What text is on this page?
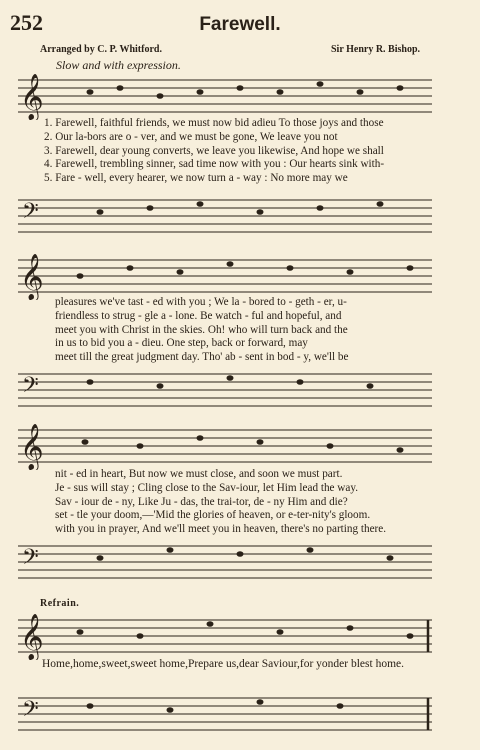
252	Farewell.
Arranged by C. P. Whitford.	Sir Henry R. Bishop.
Slow and with expression.
𝄞
𝄢
𝄞
𝄢
𝄞
𝄢
𝄞
𝄢
1. Farewell, faithful friends, we must now bid adieu To those joys and those
2. Our la-bors are o - ver, and we must be gone, We leave you not
3. Farewell, dear young converts, we leave you likewise, And hope we shall
4. Farewell, trembling sinner, sad time now with you : Our hearts sink with-
5. Fare - well, every hearer, we now turn a - way : No more may we
pleasures we've tast - ed with you ; We la - bored to - geth - er, u-
friendless to strug - gle a - lone. Be watch - ful and hopeful, and
meet you with Christ in the skies. Oh! who will turn back and the
in us to bid you a - dieu. One step, back or forward, may
meet till the great judgment day. Tho' ab - sent in bod - y, we'll be
nit - ed in heart, But now we must close, and soon we must part.
Je - sus will stay ; Cling close to the Sav-iour, let Him lead the way.
Sav - iour de - ny, Like Ju - das, the trai-tor, de - ny Him and die?
set - tle your doom,—'Mid the glories of heaven, or e-ter-nity's gloom.
with you in prayer, And we'll meet you in heaven, there's no parting there.
Refrain.
Home,home,sweet,sweet home,Prepare us,dear Saviour,for yonder blest home.
